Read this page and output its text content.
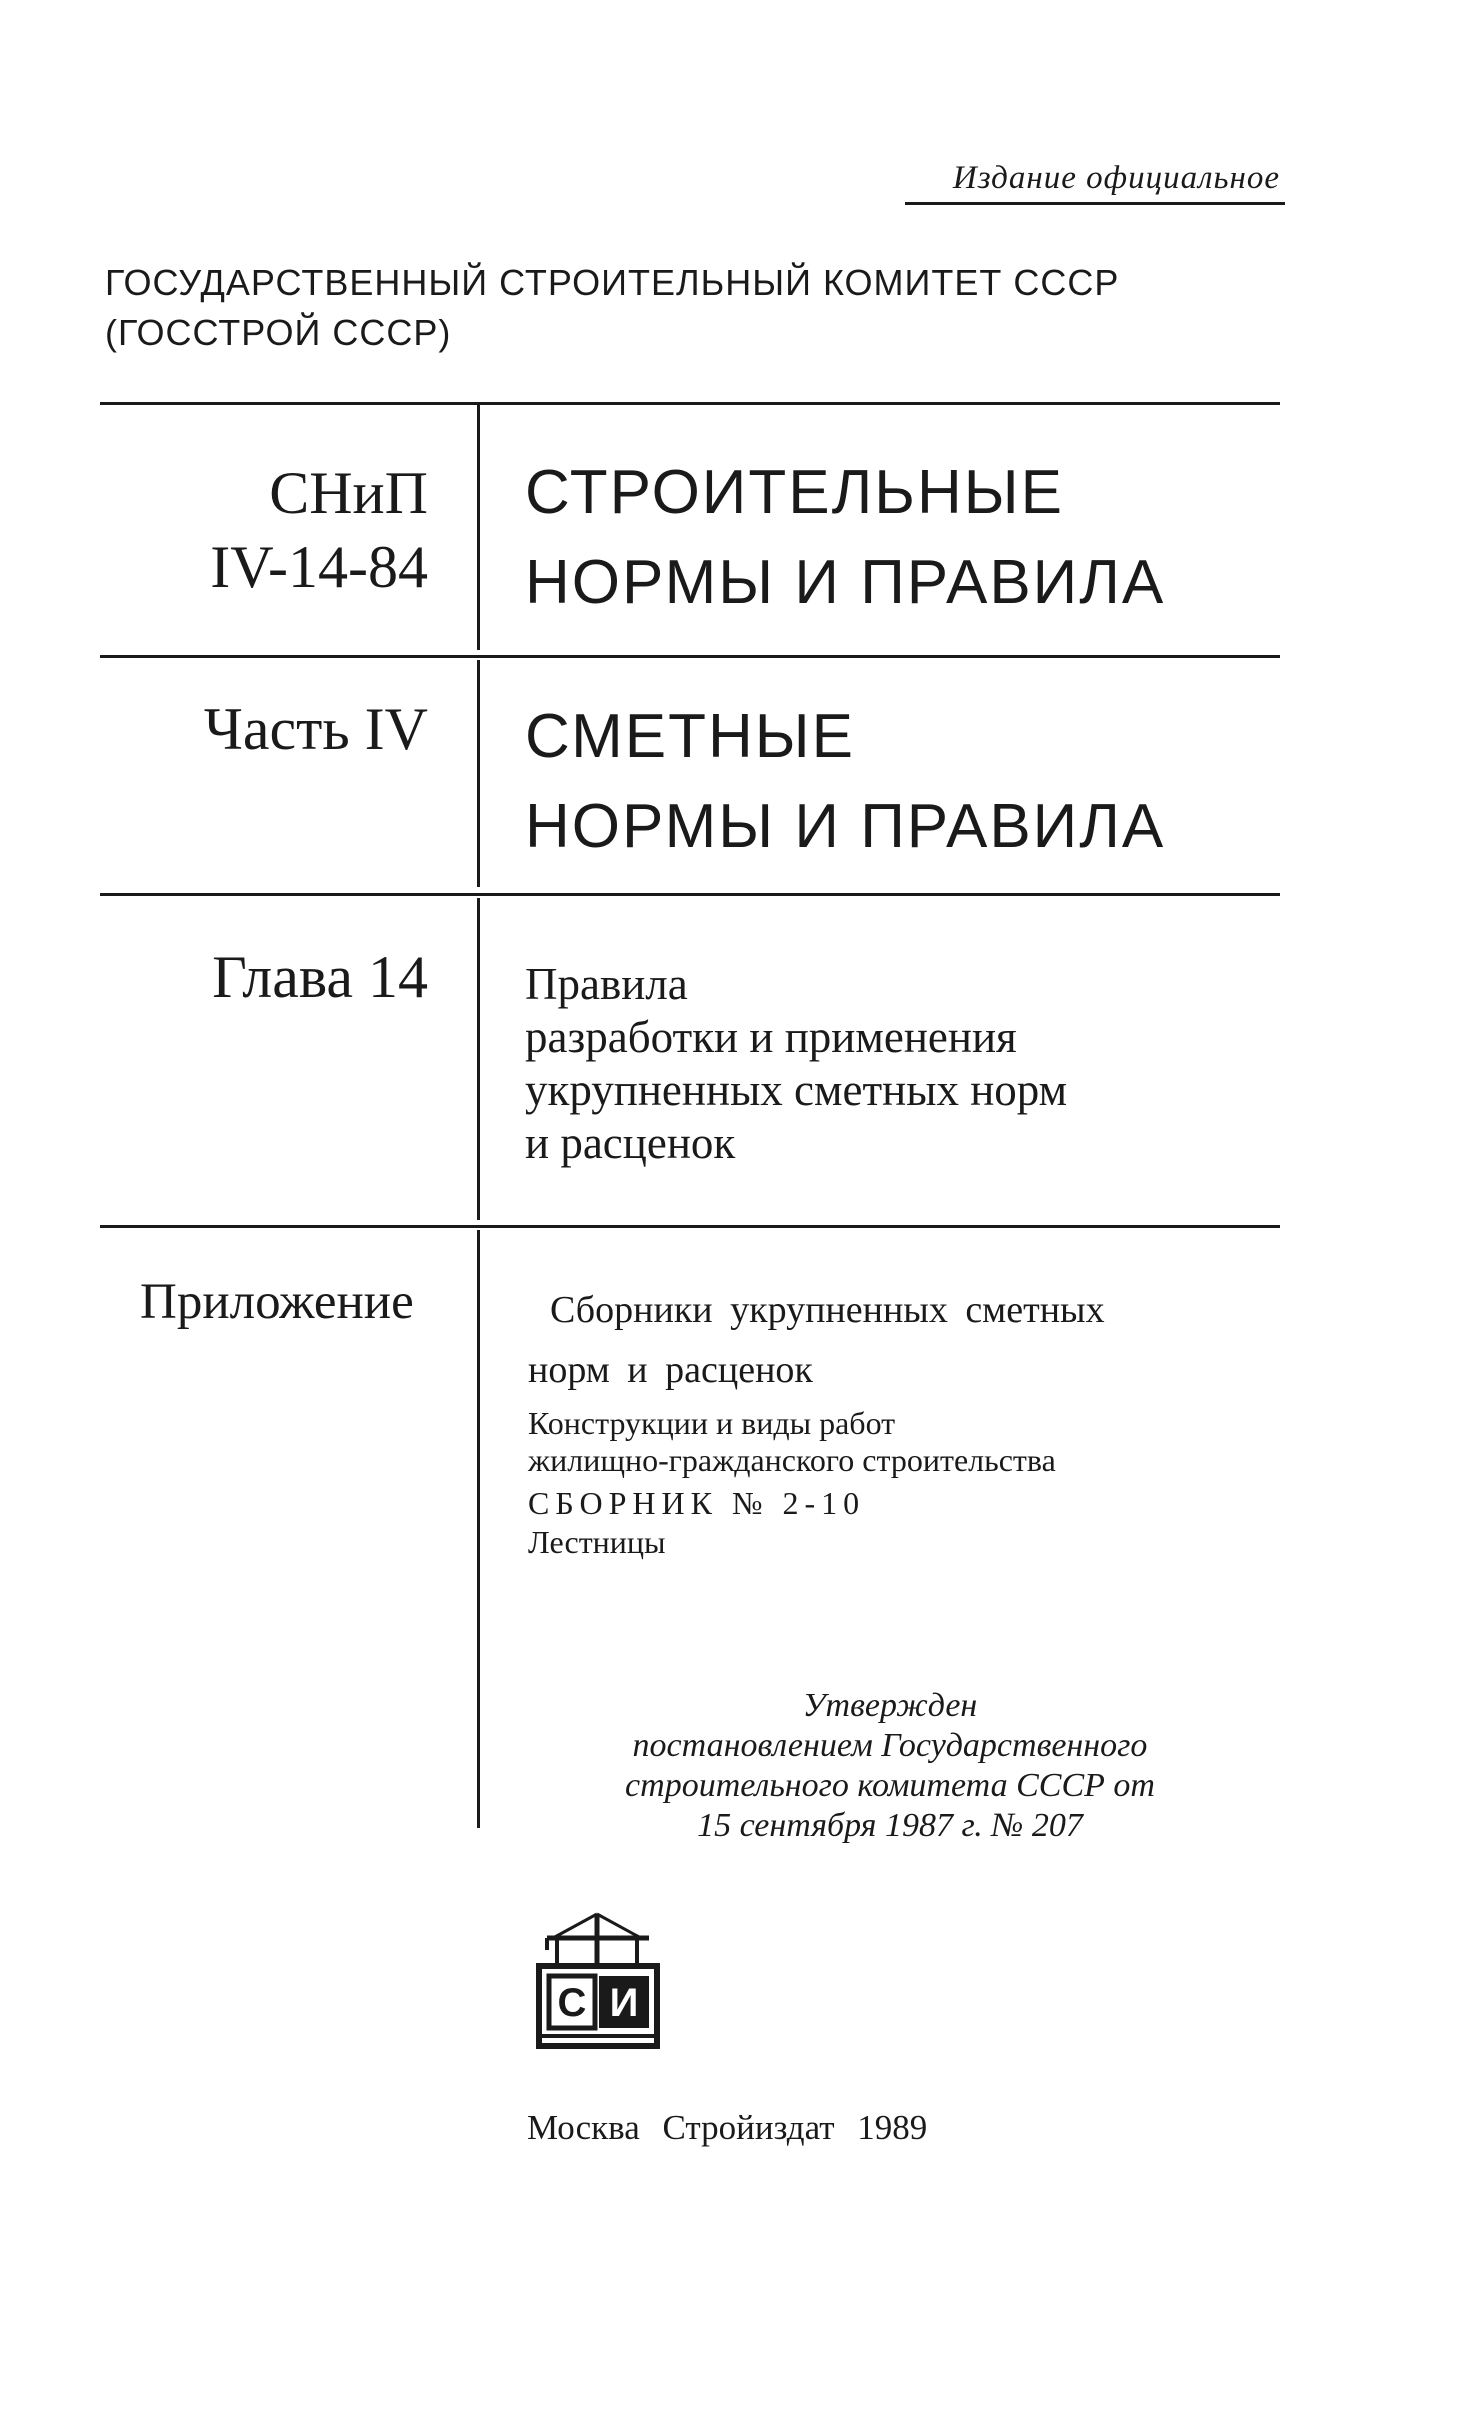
Издание официальное
ГОСУДАРСТВЕННЫЙ СТРОИТЕЛЬНЫЙ КОМИТЕТ СССР
(ГОССТРОЙ СССР)
СНиП
IV-14-84
СТРОИТЕЛЬНЫЕ
НОРМЫ И ПРАВИЛА
Часть IV СМЕТНЫЕ
НОРМЫ И ПРАВИЛА
Глава 14 Правила
разработки и применения
укрупненных сметных норм
и расценок
Приложение	Сборники укрупненных сметных
норм и расценок
Конструкции и виды работ
жилищно-гражданского строительства
СБОРНИК № 2-10
Лестницы
Утвержден
постановлением Государственного
строительного комитета СССР от
15 сентября 1987 г. № 207
С И
Москва Стройиздат 1989
